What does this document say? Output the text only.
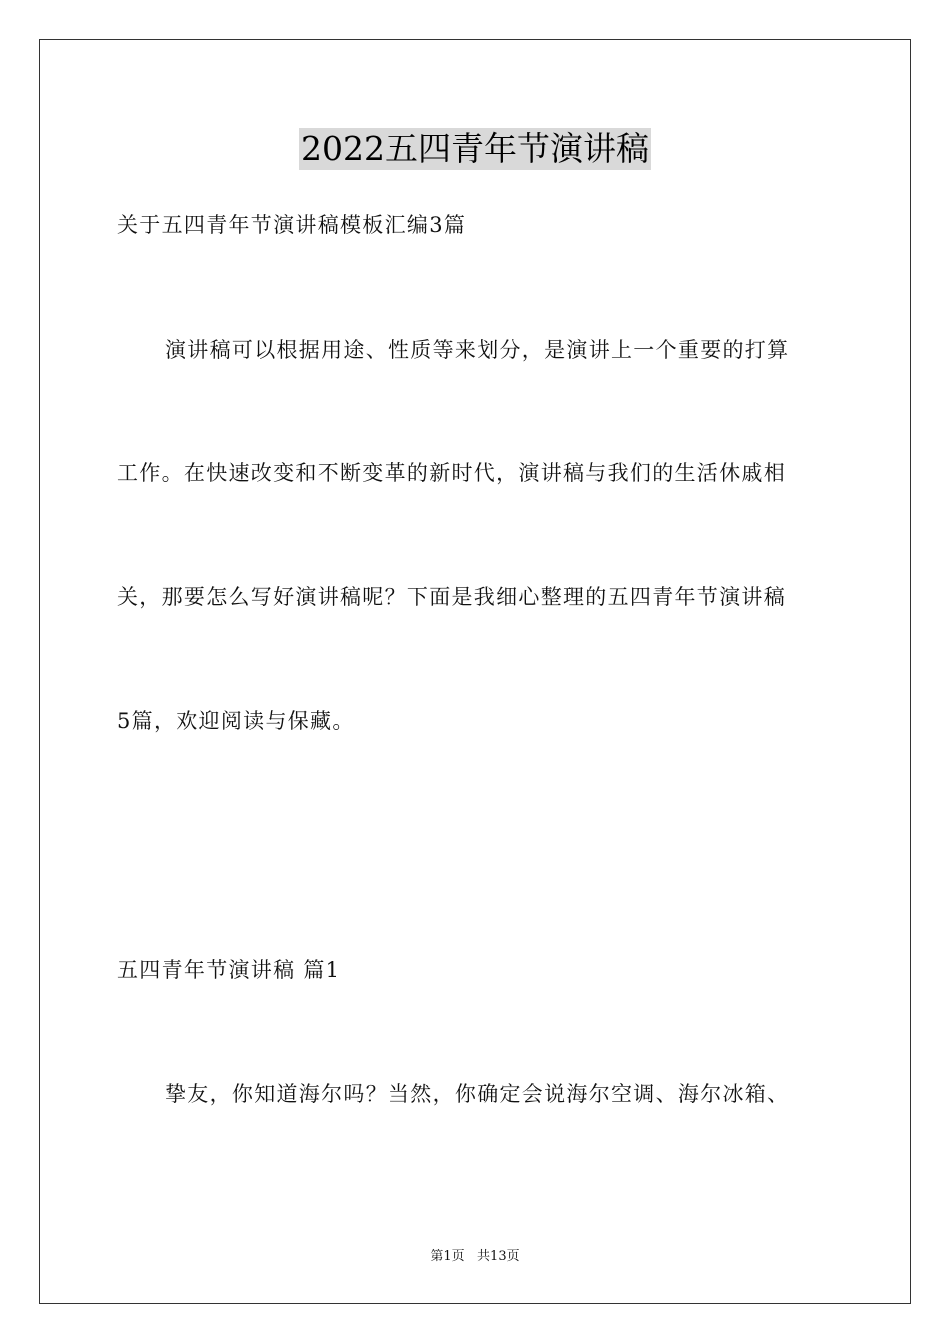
2022五四青年节演讲稿
关于五四青年节演讲稿模板汇编3篇
演讲稿可以根据用途、性质等来划分，是演讲上一个重要的打算
工作。在快速改变和不断变革的新时代，演讲稿与我们的生活休戚相
关，那要怎么写好演讲稿呢？下面是我细心整理的五四青年节演讲稿
5篇，欢迎阅读与保藏。
五四青年节演讲稿 篇1
挚友，你知道海尔吗？当然，你确定会说海尔空调、海尔冰箱、
第1页   共13页
